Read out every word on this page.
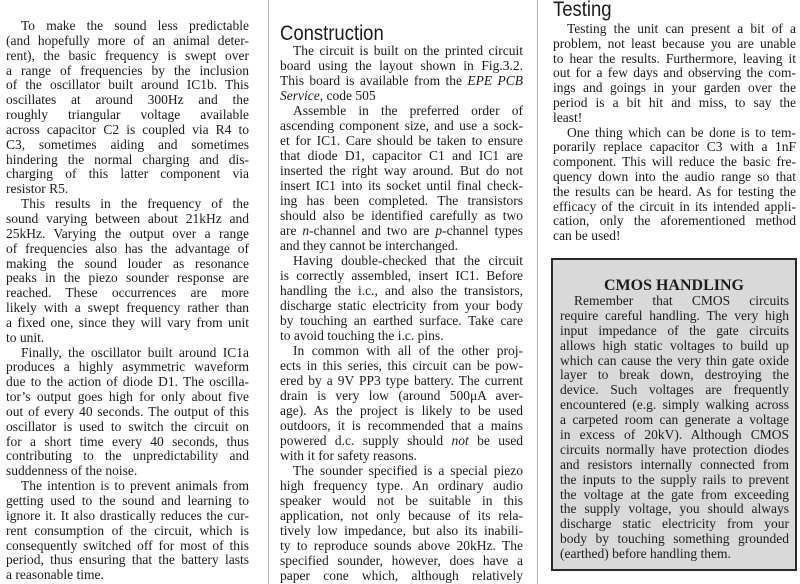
To make the sound less predictable
(and hopefully more of an animal deter-
rent), the basic frequency is swept over
a range of frequencies by the inclusion
of the oscillator built around IC1b. This
oscillates at around 300Hz and the
roughly triangular voltage available
across capacitor C2 is coupled via R4 to
C3, sometimes aiding and sometimes
hindering the normal charging and dis-
charging of this latter component via
resistor R5.
This results in the frequency of the
sound varying between about 21kHz and
25kHz. Varying the output over a range
of frequencies also has the advantage of
making the sound louder as resonance
peaks in the piezo sounder response are
reached. These occurrences are more
likely with a swept frequency rather than
a fixed one, since they will vary from unit
to unit.
Finally, the oscillator built around IC1a
produces a highly asymmetric waveform
due to the action of diode D1. The oscilla-
tor’s output goes high for only about five
out of every 40 seconds. The output of this
oscillator is used to switch the circuit on
for a short time every 40 seconds, thus
contributing to the unpredictability and
suddenness of the noise.
The intention is to prevent animals from
getting used to the sound and learning to
ignore it. It also drastically reduces the cur-
rent consumption of the circuit, which is
consequently switched off for most of this
period, thus ensuring that the battery lasts
a reasonable time.
Construction
The circuit is built on the printed circuit
board using the layout shown in Fig.3.2.
This board is available from the EPE PCB
Service, code 505
Assemble in the preferred order of
ascending component size, and use a sock-
et for IC1. Care should be taken to ensure
that diode D1, capacitor C1 and IC1 are
inserted the right way around. But do not
insert IC1 into its socket until final check-
ing has been completed. The transistors
should also be identified carefully as two
are n-channel and two are p-channel types
and they cannot be interchanged.
Having double-checked that the circuit
is correctly assembled, insert IC1. Before
handling the i.c., and also the transistors,
discharge static electricity from your body
by touching an earthed surface. Take care
to avoid touching the i.c. pins.
In common with all of the other proj-
ects in this series, this circuit can be pow-
ered by a 9V PP3 type battery. The current
drain is very low (around 500μA aver-
age). As the project is likely to be used
outdoors, it is recommended that a mains
powered d.c. supply should not be used
with it for safety reasons.
The sounder specified is a special piezo
high frequency type. An ordinary audio
speaker would not be suitable in this
application, not only because of its rela-
tively low impedance, but also its inabili-
ty to reproduce sounds above 20kHz. The
specified sounder, however, does have a
paper cone which, although relatively
Testing
Testing the unit can present a bit of a
problem, not least because you are unable
to hear the results. Furthermore, leaving it
out for a few days and observing the com-
ings and goings in your garden over the
period is a bit hit and miss, to say the
least!
One thing which can be done is to tem-
porarily replace capacitor C3 with a 1nF
component. This will reduce the basic fre-
quency down into the audio range so that
the results can be heard. As for testing the
efficacy of the circuit in its intended appli-
cation, only the aforementioned method
can be used!
CMOS HANDLING
Remember that CMOS circuits
require careful handling. The very high
input impedance of the gate circuits
allows high static voltages to build up
which can cause the very thin gate oxide
layer to break down, destroying the
device. Such voltages are frequently
encountered (e.g. simply walking across
a carpeted room can generate a voltage
in excess of 20kV). Although CMOS
circuits normally have protection diodes
and resistors internally connected from
the inputs to the supply rails to prevent
the voltage at the gate from exceeding
the supply voltage, you should always
discharge static electricity from your
body by touching something grounded
(earthed) before handling them.
